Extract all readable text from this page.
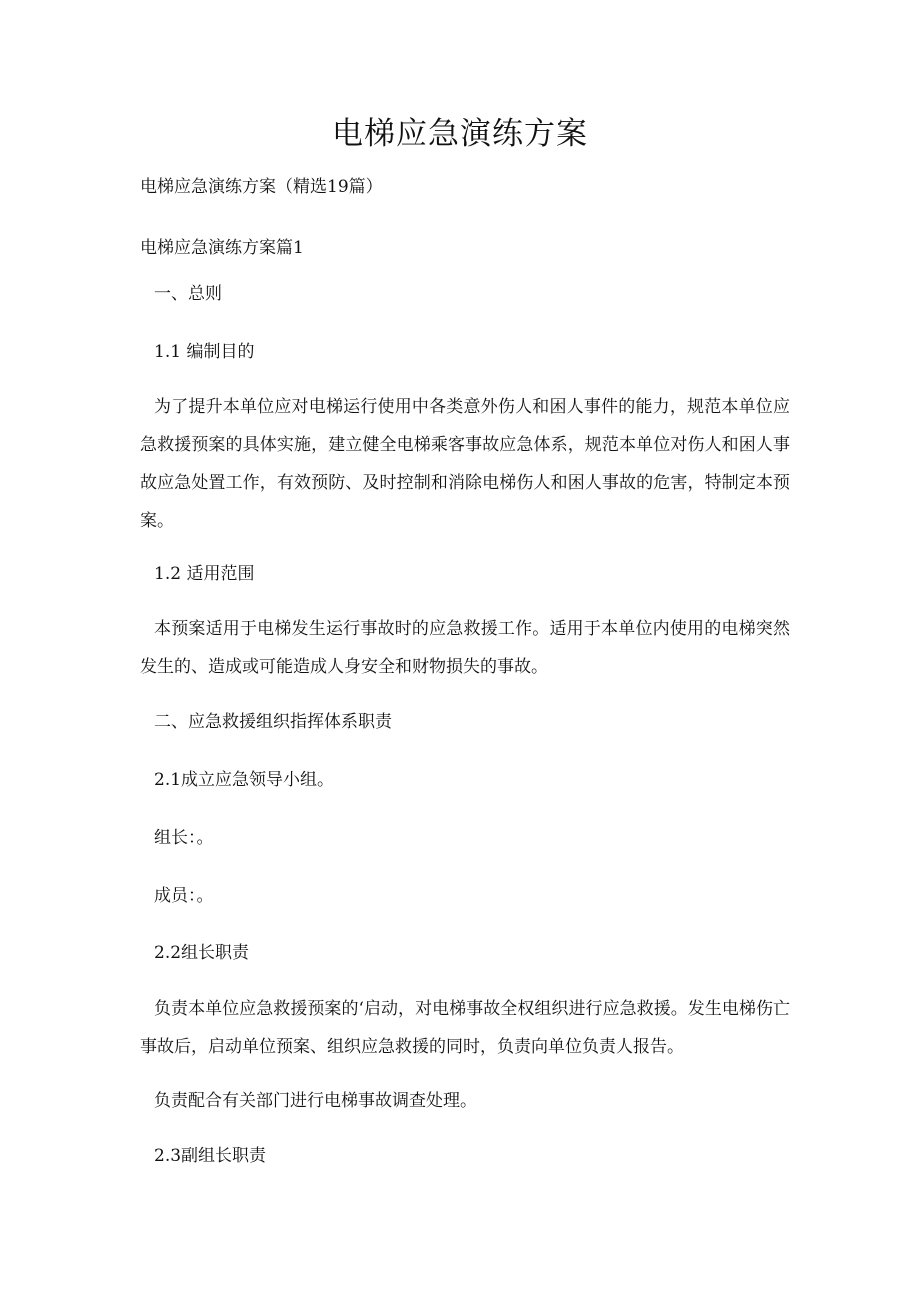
电梯应急演练方案
电梯应急演练方案（精选19篇）
电梯应急演练方案篇1
一、总则
1.1 编制目的
为了提升本单位应对电梯运行使用中各类意外伤人和困人事件的能力，规范本单位应急救援预案的具体实施，建立健全电梯乘客事故应急体系，规范本单位对伤人和困人事故应急处置工作，有效预防、及时控制和消除电梯伤人和困人事故的危害，特制定本预案。
1.2 适用范围
本预案适用于电梯发生运行事故时的应急救援工作。适用于本单位内使用的电梯突然发生的、造成或可能造成人身安全和财物损失的事故。
二、应急救援组织指挥体系职责
2.1成立应急领导小组。
组长：。
成员：。
2.2组长职责
负责本单位应急救援预案的‘启动，对电梯事故全权组织进行应急救援。发生电梯伤亡事故后，启动单位预案、组织应急救援的同时，负责向单位负责人报告。
负责配合有关部门进行电梯事故调查处理。
2.3副组长职责
